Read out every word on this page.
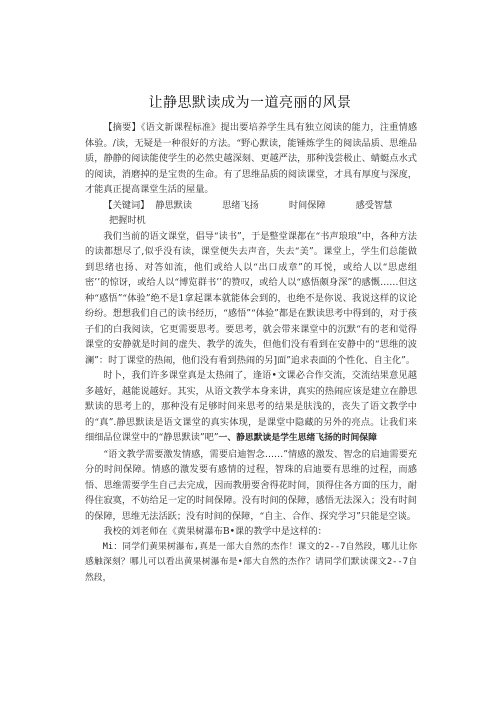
让静思默读成为一道亮丽的风景

【摘要】《语文新课程标准》提出要培养学生具有独立阅读的能力，注重情感体验。/读，无疑是一种很好的方法。“野心默读，能锤炼学生的阅读品质、思维品质，静静的阅读能使学生的必然史越深刻、更越严法，那种浅尝极止、蜻蜓点水式的阅读，消磨掉的是宝贵的生命。有了思维品质的阅读课堂，才具有厚度与深度，才能真正提高课堂生活的屋量。

【关键词】 静思默读	思绪飞扬	时间保障	感受智慧把握时机

我们当前的语文课堂，倡导“读书”，于是整堂课都在“书声琅琅”中，各种方法的读都想尽了,似乎没有读，课堂便失去声音，失去“美”。课堂上，学生们总能做到思绪也扬、对答如流，他们或给人以“出口成章”的耳悦，或给人以“思虑组密’’的惊讶，或给人以“博览群书’’的赞叹，或给人以“感悟颇身深”的感慨……但这种“感悟”“体验”绝不是1拿起课本就能体会到的，也绝不是你说、我说这样的议论纷纷。想想我们自己的读书经历，“感悟”“体验”都是在默读思考中得到的，对于孩子们的白我阅读，它更需要思考。要思考，就会带来课堂中的沉默“有的老和觉得课堂的安静就是时间的虚失、教学的流失，但他们没有看到在安静中的“思维的波澜”：时丁课堂的热闹，他们没有看到热闹的另]面”追求表面的个性化、自主化”。

时卜，我们许多课堂真是太热闹了，逢语•文课必合作交流，交流结果意见越多越好，越能说越好。其实，从语文教学本身来讲，真实的热闹应该是建立在静思默读的思考上的，那种没有足够时间来思考的结果是肤浅的，丧失了语文教学中的“真”.静思默读是语文课堂的真实体现，是课堂中隐藏的另外的亮点。让我们来细细品位课堂中的“静思默读”吧”一、静思默读是学生思绪飞扬的时间保障

“语文教学需要激发情感，需要启迪智念……”情感的激发、智念的启迪需要充分的时间保障。情感的激发要有感情的过程，智珠的启迪要有思维的过程，而感悟、思维需要学生自己去完成，因而教册要舍得花时间，顶得住各方面的压力，耐得住寂寞，不妨给足一定的时间保障。没有时间的保障，感悟无法深入；没有时间的保障，思维无法活跃；没有时间的保障，“自主、合作、探究学习”只能是空谈。

我校的刘老师在《黄果树瀑布B•课的教学中是这样的：

Mi：同学们黄果树瀑布,真是一部大自然的杰作！课文的2--7自然段，哪儿让你感触深刻？哪儿可以看出黄果树瀑布是•部大自然的杰作？请同学们默读课文2--7自然段，
